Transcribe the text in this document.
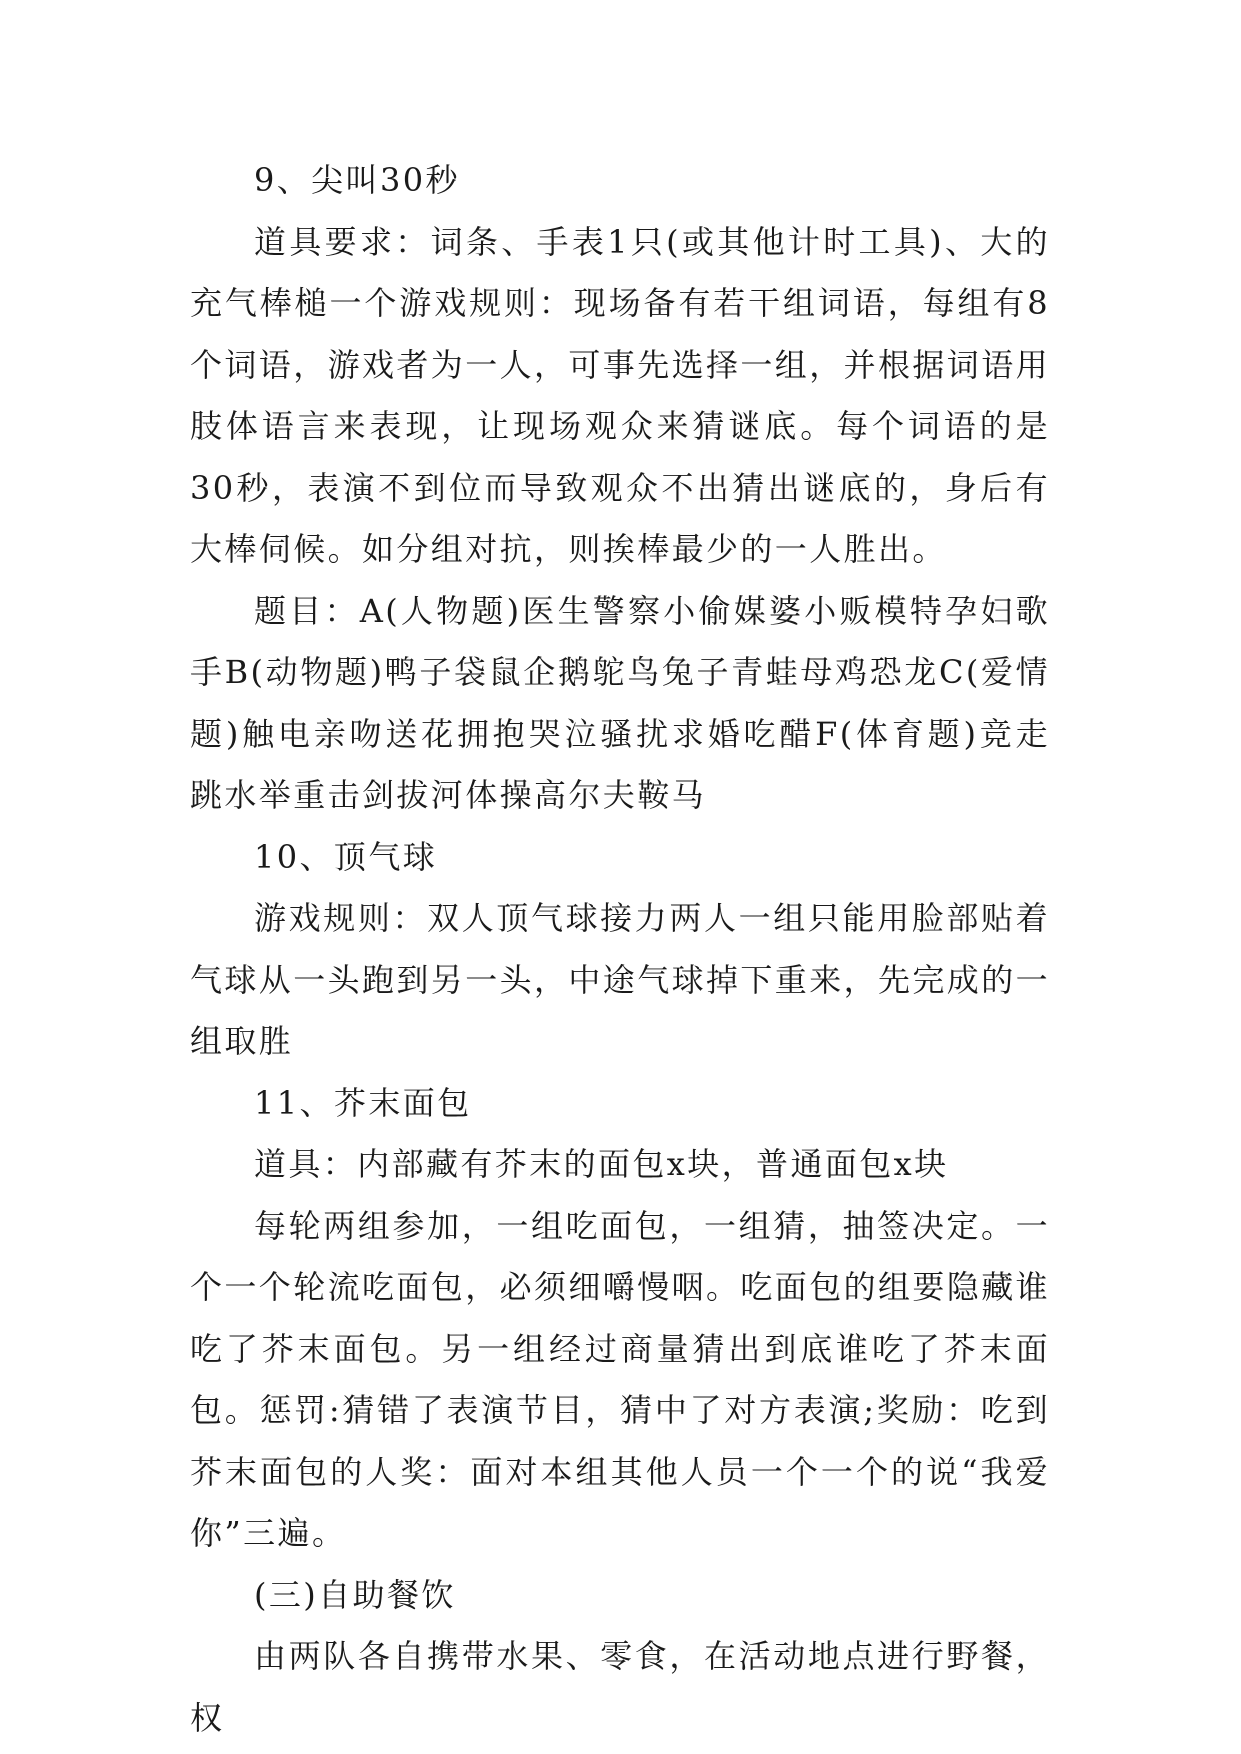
9、尖叫30秒

道具要求：词条、手表1只(或其他计时工具)、大的充气棒槌一个游戏规则：现场备有若干组词语，每组有8个词语，游戏者为一人，可事先选择一组，并根据词语用肢体语言来表现，让现场观众来猜谜底。每个词语的是30秒，表演不到位而导致观众不出猜出谜底的，身后有大棒伺候。如分组对抗，则挨棒最少的一人胜出。

题目：A(人物题)医生警察小偷媒婆小贩模特孕妇歌手B(动物题)鸭子袋鼠企鹅鸵鸟兔子青蛙母鸡恐龙C(爱情题)触电亲吻送花拥抱哭泣骚扰求婚吃醋F(体育题)竞走跳水举重击剑拔河体操高尔夫鞍马

10、顶气球

游戏规则：双人顶气球接力两人一组只能用脸部贴着气球从一头跑到另一头，中途气球掉下重来，先完成的一组取胜

11、芥末面包

道具：内部藏有芥末的面包x块，普通面包x块

每轮两组参加，一组吃面包，一组猜，抽签决定。一个一个轮流吃面包，必须细嚼慢咽。吃面包的组要隐藏谁吃了芥末面包。另一组经过商量猜出到底谁吃了芥末面包。惩罚:猜错了表演节目，猜中了对方表演;奖励：吃到芥末面包的人奖：面对本组其他人员一个一个的说“我爱你”三遍。

(三)自助餐饮

由两队各自携带水果、零食，在活动地点进行野餐，权
